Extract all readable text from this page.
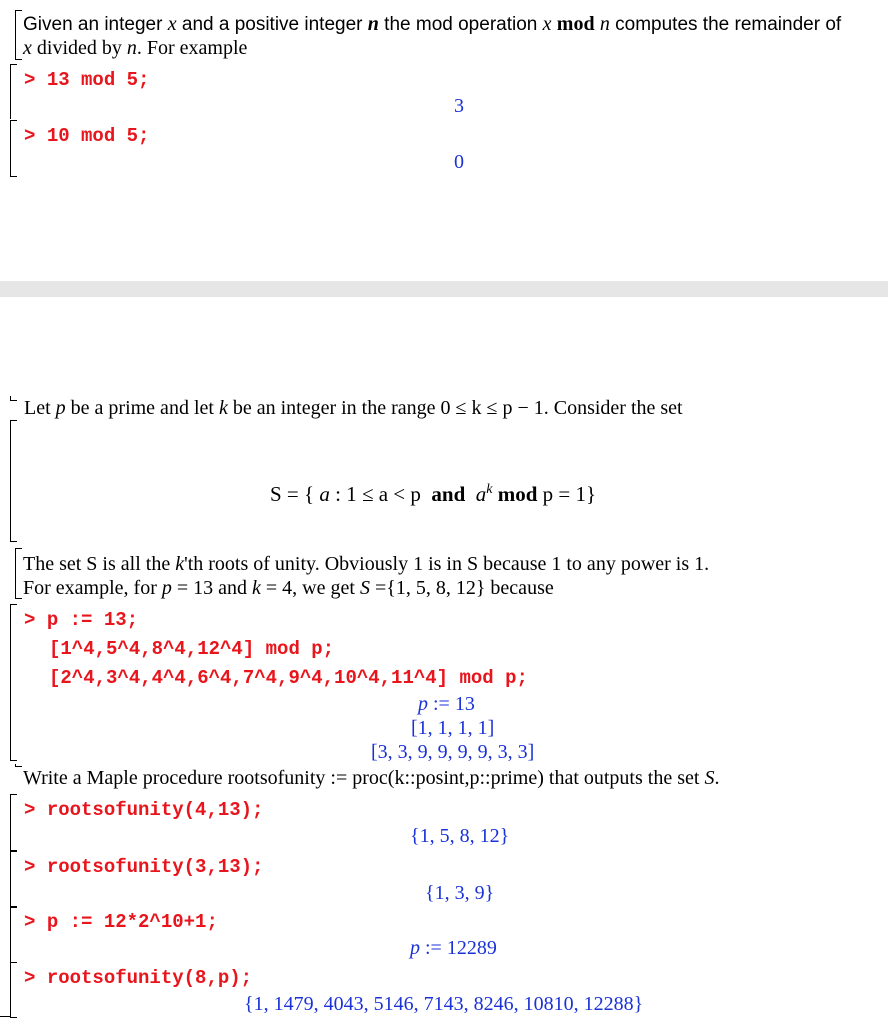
Given an integer x and a positive integer n the mod operation x mod n computes the remainder of
x divided by n. For example
> 13 mod 5;
3
> 10 mod 5;
0
Let p be a prime and let k be an integer in the range 0 ≤ k ≤ p − 1. Consider the set
S = { a : 1 ≤ a < p and $a^k$ mod p = 1}
The set S is all the k'th roots of unity. Obviously 1 is in S because 1 to any power is 1.
For example, for p = 13 and k = 4, we get S ={1, 5, 8, 12} because
> p := 13;
[1^4,5^4,8^4,12^4] mod p;
[2^4,3^4,4^4,6^4,7^4,9^4,10^4,11^4] mod p;
p := 13
[1, 1, 1, 1]
[3, 3, 9, 9, 9, 9, 3, 3]
Write a Maple procedure rootsofunity := proc(k::posint,p::prime) that outputs the set S.
> rootsofunity(4,13);
{1, 5, 8, 12}
> rootsofunity(3,13);
{1, 3, 9}
> p := 12*2^10+1;
p := 12289
> rootsofunity(8,p);
{1, 1479, 4043, 5146, 7143, 8246, 10810, 12288}
